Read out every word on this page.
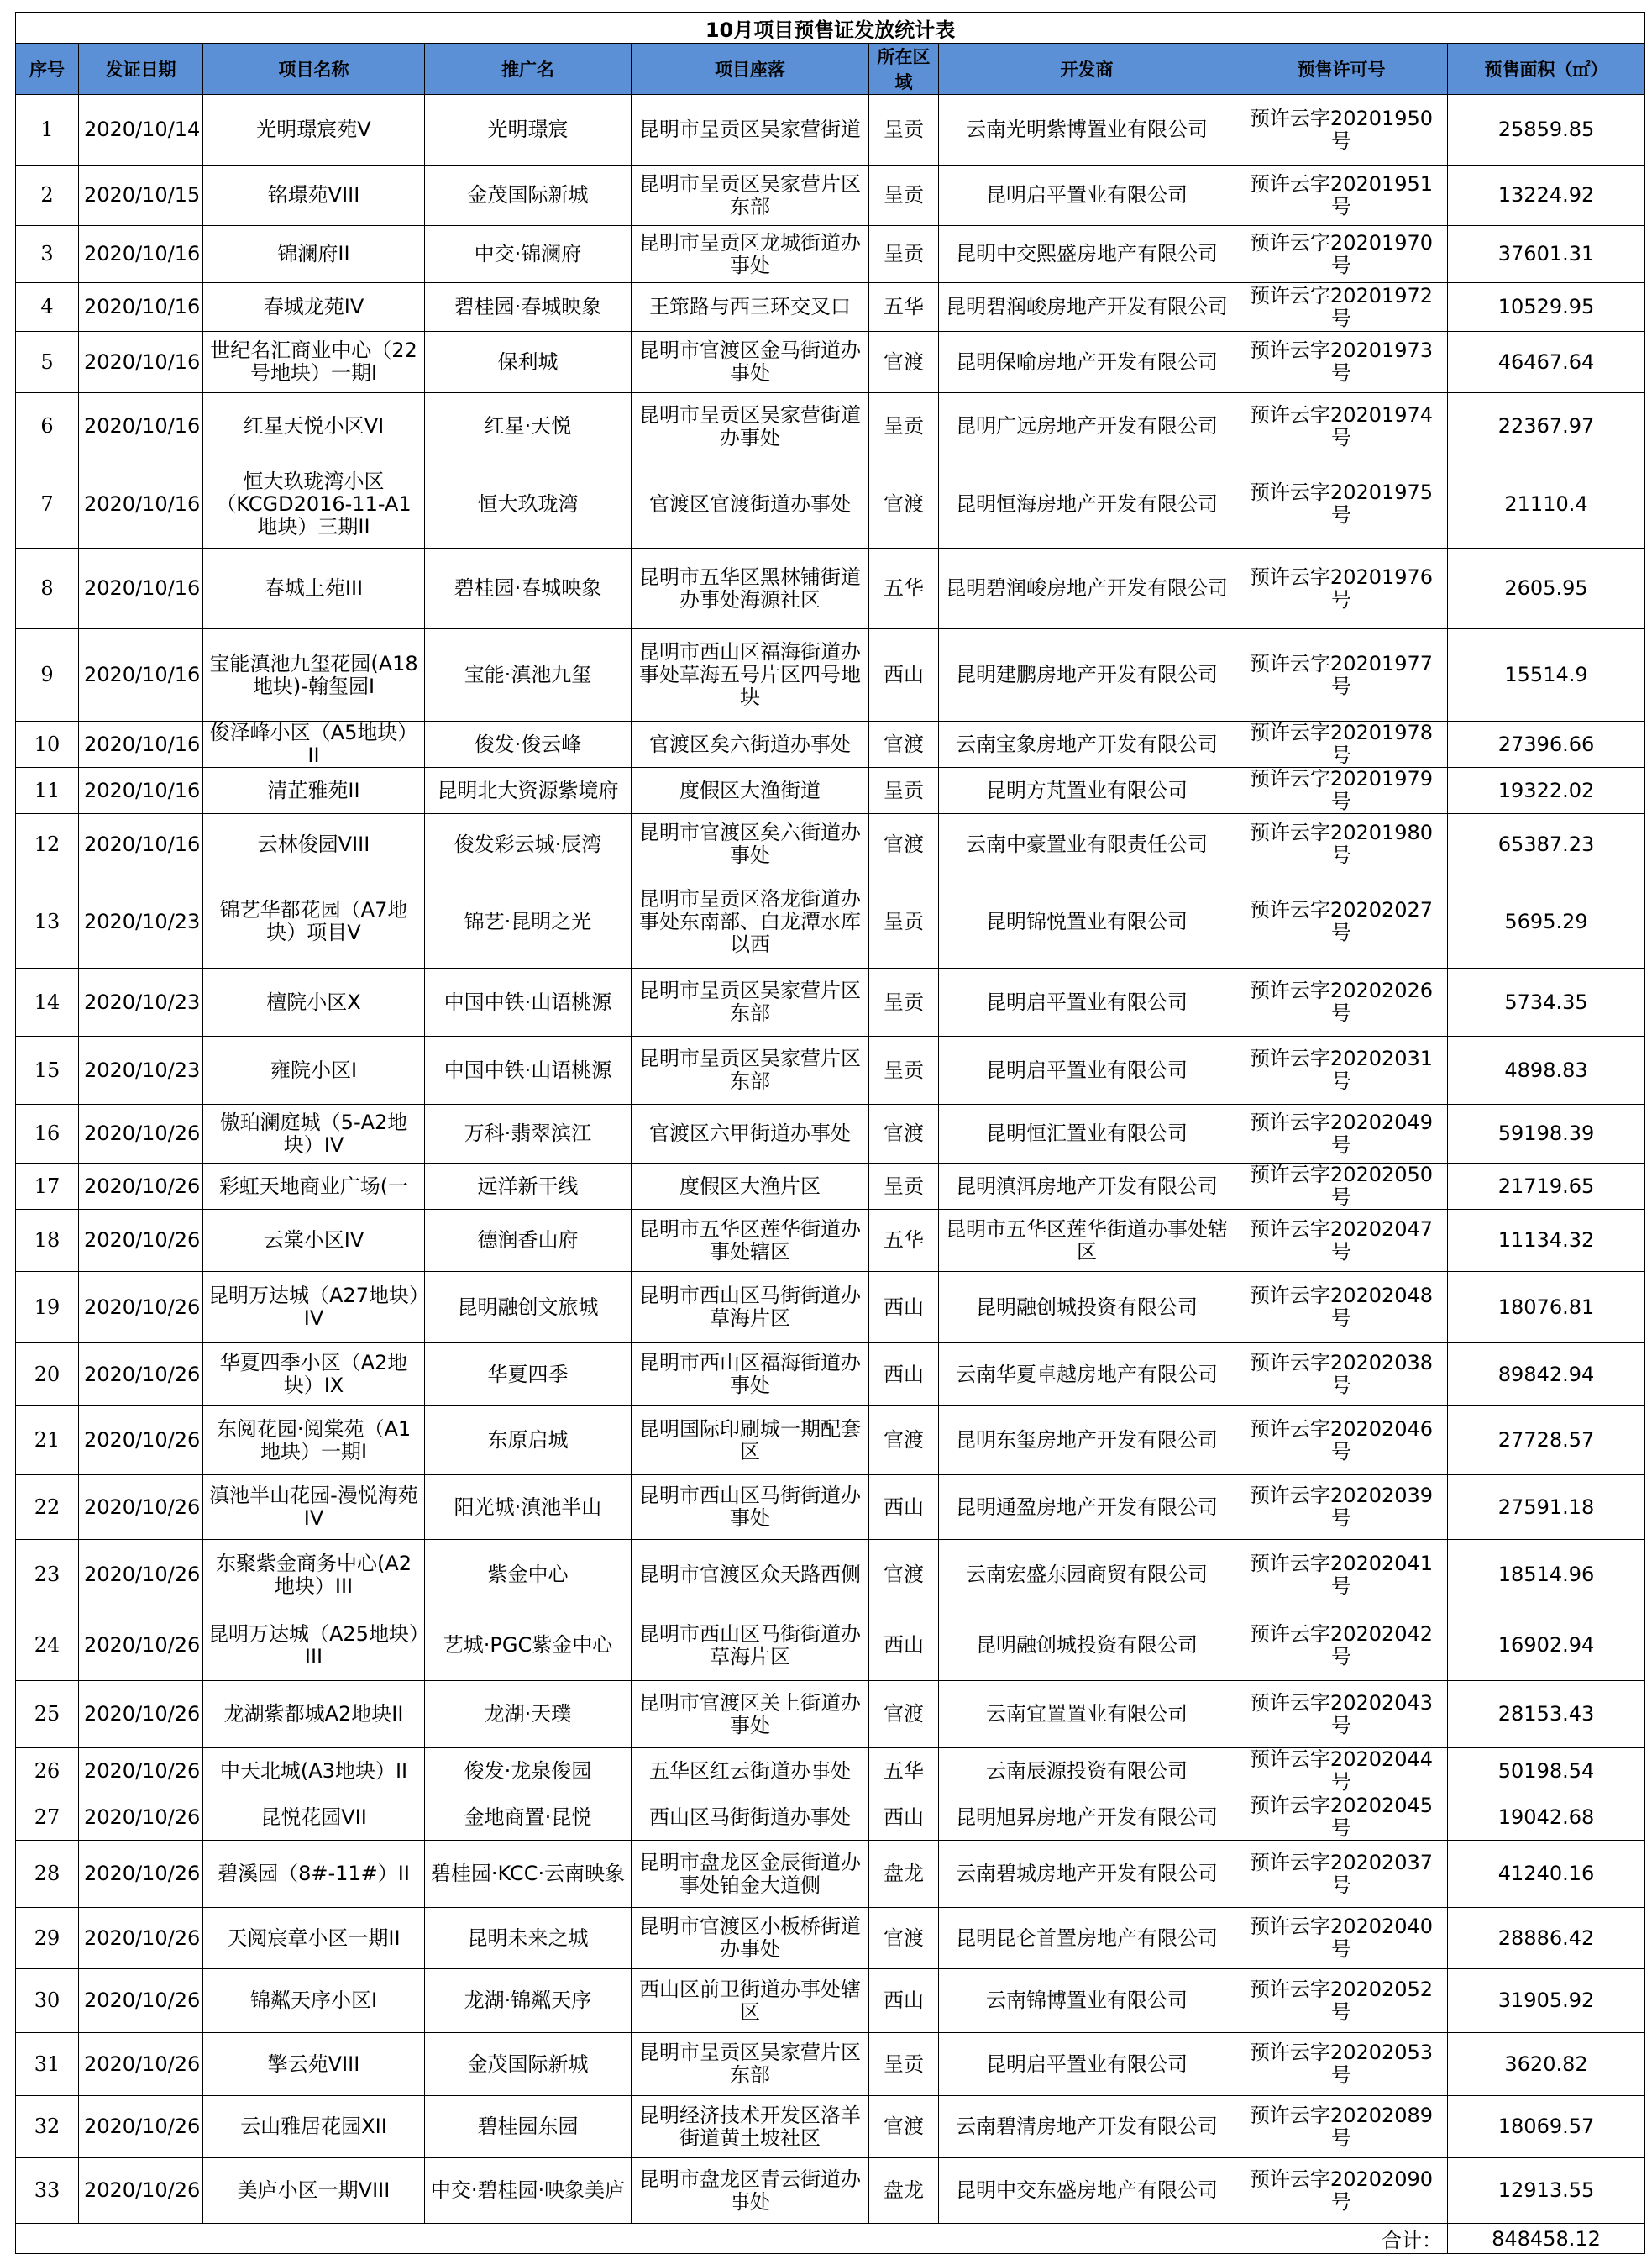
10月项目预售证发放统计表								
序号	发证日期	项目名称	推广名	项目座落	所在区域	开发商	预售许可号	预售面积（㎡）
1	2020/10/14	光明璟宸苑V	光明璟宸	昆明市呈贡区吴家营街道	呈贡	云南光明紫博置业有限公司	预许云字20201950号	25859.85
2	2020/10/15	铭璟苑VIII	金茂国际新城	昆明市呈贡区吴家营片区东部	呈贡	昆明启平置业有限公司	预许云字20201951号	13224.92
3	2020/10/16	锦澜府II	中交·锦澜府	昆明市呈贡区龙城街道办事处	呈贡	昆明中交熙盛房地产有限公司	预许云字20201970号	37601.31
4	2020/10/16	春城龙苑IV	碧桂园·春城映象	王筇路与西三环交叉口	五华	昆明碧润峻房地产开发有限公司	预许云字20201972号	10529.95
5	2020/10/16	世纪名汇商业中心（22号地块）一期I	保利城	昆明市官渡区金马街道办事处	官渡	昆明保喻房地产开发有限公司	预许云字20201973号	46467.64
6	2020/10/16	红星天悦小区VI	红星·天悦	昆明市呈贡区吴家营街道办事处	呈贡	昆明广远房地产开发有限公司	预许云字20201974号	22367.97
7	2020/10/16	恒大玖珑湾小区（KCGD2016-11-A1地块）三期II	恒大玖珑湾	官渡区官渡街道办事处	官渡	昆明恒海房地产开发有限公司	预许云字20201975号	21110.4
8	2020/10/16	春城上苑III	碧桂园·春城映象	昆明市五华区黑林铺街道办事处海源社区	五华	昆明碧润峻房地产开发有限公司	预许云字20201976号	2605.95
9	2020/10/16	宝能滇池九玺花园(A18地块)-翰玺园I	宝能·滇池九玺	昆明市西山区福海街道办事处草海五号片区四号地块	西山	昆明建鹏房地产开发有限公司	预许云字20201977号	15514.9
10	2020/10/16	俊泽峰小区（A5地块）II	俊发·俊云峰	官渡区矣六街道办事处	官渡	云南宝象房地产开发有限公司	预许云字20201978号	27396.66
11	2020/10/16	清芷雅苑II	昆明北大资源紫境府	度假区大渔街道	呈贡	昆明方芃置业有限公司	预许云字20201979号	19322.02
12	2020/10/16	云林俊园VIII	俊发彩云城·辰湾	昆明市官渡区矣六街道办事处	官渡	云南中豪置业有限责任公司	预许云字20201980号	65387.23
13	2020/10/23	锦艺华都花园（A7地块）项目V	锦艺·昆明之光	昆明市呈贡区洛龙街道办事处东南部、白龙潭水库以西	呈贡	昆明锦悦置业有限公司	预许云字20202027号	5695.29
14	2020/10/23	檀院小区X	中国中铁·山语桃源	昆明市呈贡区吴家营片区东部	呈贡	昆明启平置业有限公司	预许云字20202026号	5734.35
15	2020/10/23	雍院小区I	中国中铁·山语桃源	昆明市呈贡区吴家营片区东部	呈贡	昆明启平置业有限公司	预许云字20202031号	4898.83
16	2020/10/26	傲珀澜庭城（5-A2地块）IV	万科·翡翠滨江	官渡区六甲街道办事处	官渡	昆明恒汇置业有限公司	预许云字20202049号	59198.39
17	2020/10/26	彩虹天地商业广场(一	远洋新干线	度假区大渔片区	呈贡	昆明滇洱房地产开发有限公司	预许云字20202050号	21719.65
18	2020/10/26	云棠小区IV	德润香山府	昆明市五华区莲华街道办事处辖区	五华	昆明市五华区莲华街道办事处辖区	预许云字20202047号	11134.32
19	2020/10/26	昆明万达城（A27地块）IV	昆明融创文旅城	昆明市西山区马街街道办草海片区	西山	昆明融创城投资有限公司	预许云字20202048号	18076.81
20	2020/10/26	华夏四季小区（A2地块）IX	华夏四季	昆明市西山区福海街道办事处	西山	云南华夏卓越房地产有限公司	预许云字20202038号	89842.94
21	2020/10/26	东阅花园·阅棠苑（A1地块）一期I	东原启城	昆明国际印刷城一期配套区	官渡	昆明东玺房地产开发有限公司	预许云字20202046号	27728.57
22	2020/10/26	滇池半山花园-漫悦海苑IV	阳光城·滇池半山	昆明市西山区马街街道办事处	西山	昆明通盈房地产开发有限公司	预许云字20202039号	27591.18
23	2020/10/26	东聚紫金商务中心(A2地块）III	紫金中心	昆明市官渡区众天路西侧	官渡	云南宏盛东园商贸有限公司	预许云字20202041号	18514.96
24	2020/10/26	昆明万达城（A25地块）III	艺城·PGC紫金中心	昆明市西山区马街街道办草海片区	西山	昆明融创城投资有限公司	预许云字20202042号	16902.94
25	2020/10/26	龙湖紫都城A2地块II	龙湖·天璞	昆明市官渡区关上街道办事处	官渡	云南宜置置业有限公司	预许云字20202043号	28153.43
26	2020/10/26	中天北城(A3地块）II	俊发·龙泉俊园	五华区红云街道办事处	五华	云南辰源投资有限公司	预许云字20202044号	50198.54
27	2020/10/26	昆悦花园VII	金地商置·昆悦	西山区马街街道办事处	西山	昆明旭昇房地产开发有限公司	预许云字20202045号	19042.68
28	2020/10/26	碧溪园（8#-11#）II	碧桂园·KCC·云南映象	昆明市盘龙区金辰街道办事处铂金大道侧	盘龙	云南碧城房地产开发有限公司	预许云字20202037号	41240.16
29	2020/10/26	天阅宸章小区一期II	昆明未来之城	昆明市官渡区小板桥街道办事处	官渡	昆明昆仑首置房地产有限公司	预许云字20202040号	28886.42
30	2020/10/26	锦粼天序小区I	龙湖·锦粼天序	西山区前卫街道办事处辖区	西山	云南锦博置业有限公司	预许云字20202052号	31905.92
31	2020/10/26	擎云苑VIII	金茂国际新城	昆明市呈贡区吴家营片区东部	呈贡	昆明启平置业有限公司	预许云字20202053号	3620.82
32	2020/10/26	云山雅居花园XII	碧桂园东园	昆明经济技术开发区洛羊街道黄土坡社区	官渡	云南碧清房地产开发有限公司	预许云字20202089号	18069.57
33	2020/10/26	美庐小区一期VIII	中交·碧桂园·映象美庐	昆明市盘龙区青云街道办事处	盘龙	昆明中交东盛房地产有限公司	预许云字20202090号	12913.55
							合计：	848458.12
